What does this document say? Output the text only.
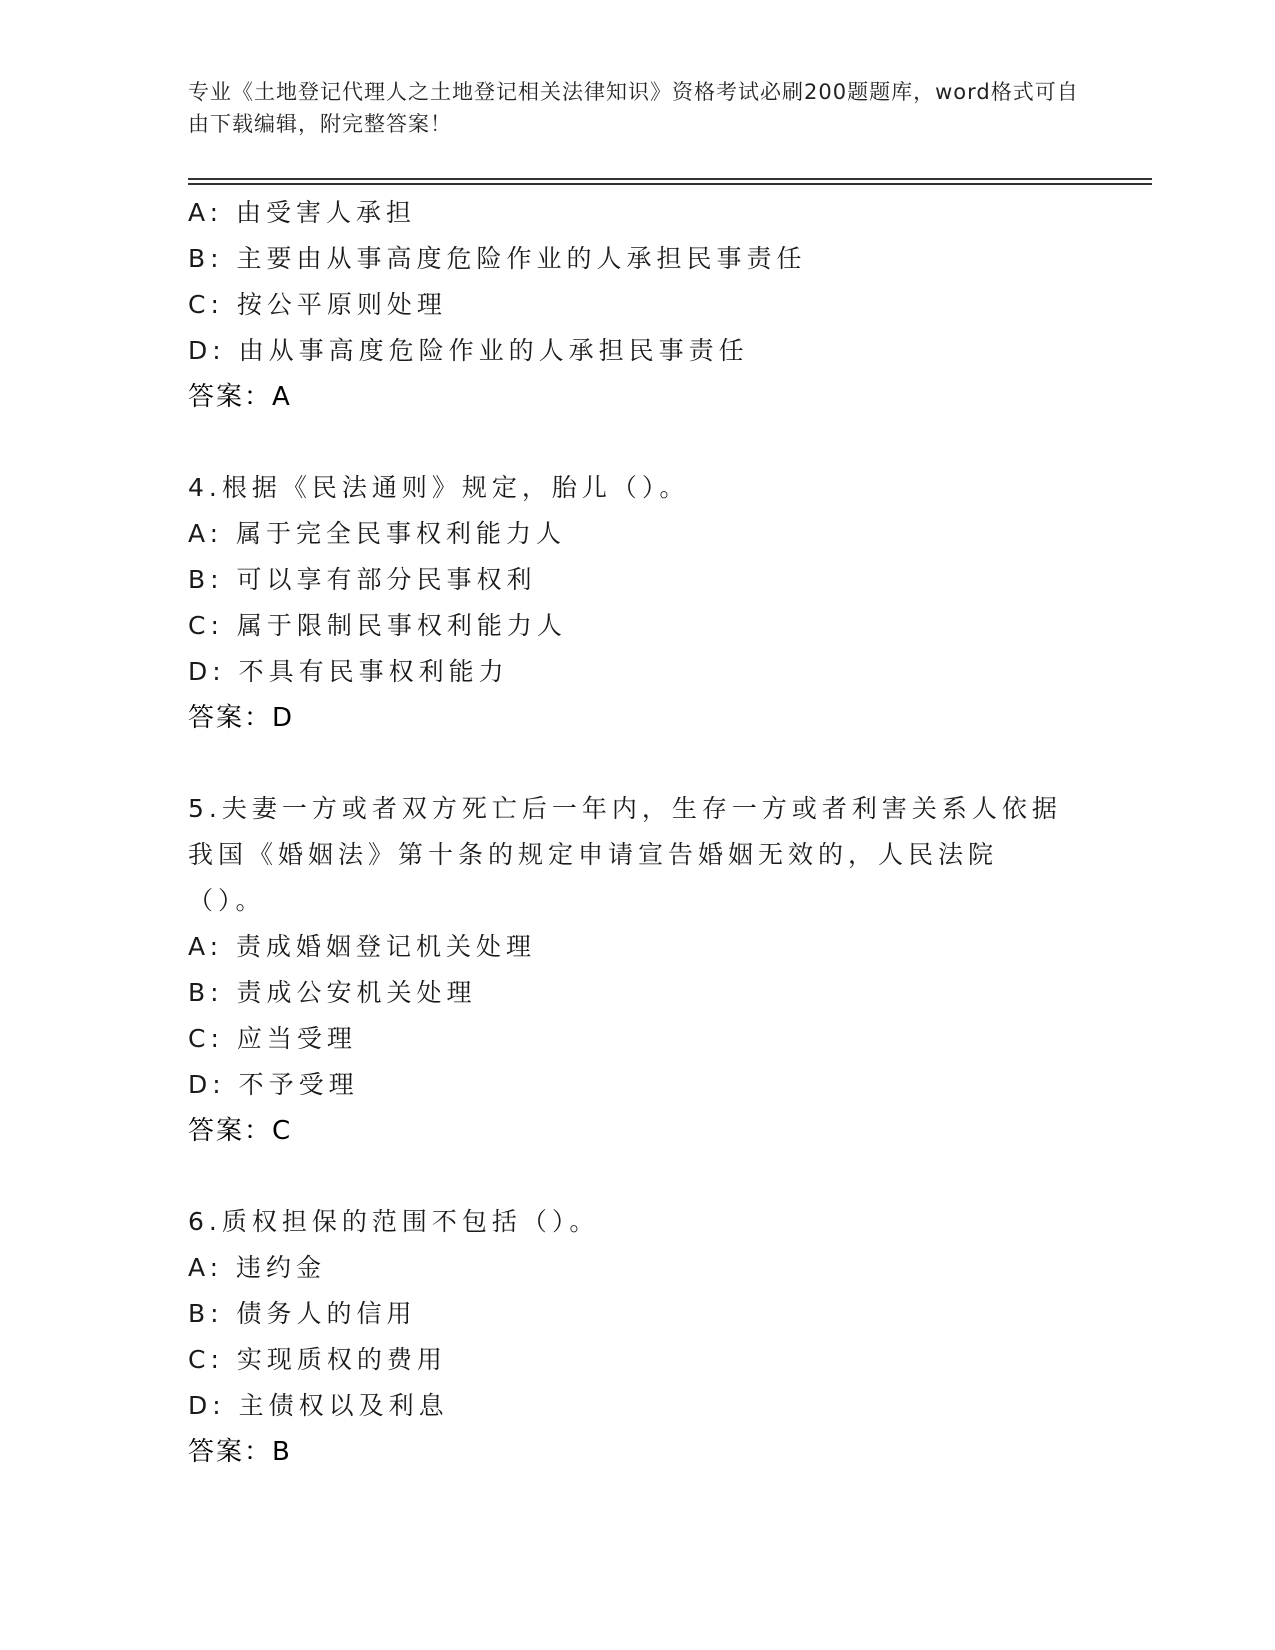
专业《土地登记代理人之土地登记相关法律知识》资格考试必刷200题题库，word格式可自由下载编辑，附完整答案！
A: 由受害人承担
B: 主要由从事高度危险作业的人承担民事责任
C: 按公平原则处理
D: 由从事高度危险作业的人承担民事责任
答案：A
4.根据《民法通则》规定，胎儿（）。
A: 属于完全民事权利能力人
B: 可以享有部分民事权利
C: 属于限制民事权利能力人
D: 不具有民事权利能力
答案：D
5.夫妻一方或者双方死亡后一年内，生存一方或者利害关系人依据我国《婚姻法》第十条的规定申请宣告婚姻无效的，人民法院（）。
A: 责成婚姻登记机关处理
B: 责成公安机关处理
C: 应当受理
D: 不予受理
答案：C
6.质权担保的范围不包括（）。
A: 违约金
B: 债务人的信用
C: 实现质权的费用
D: 主债权以及利息
答案：B
